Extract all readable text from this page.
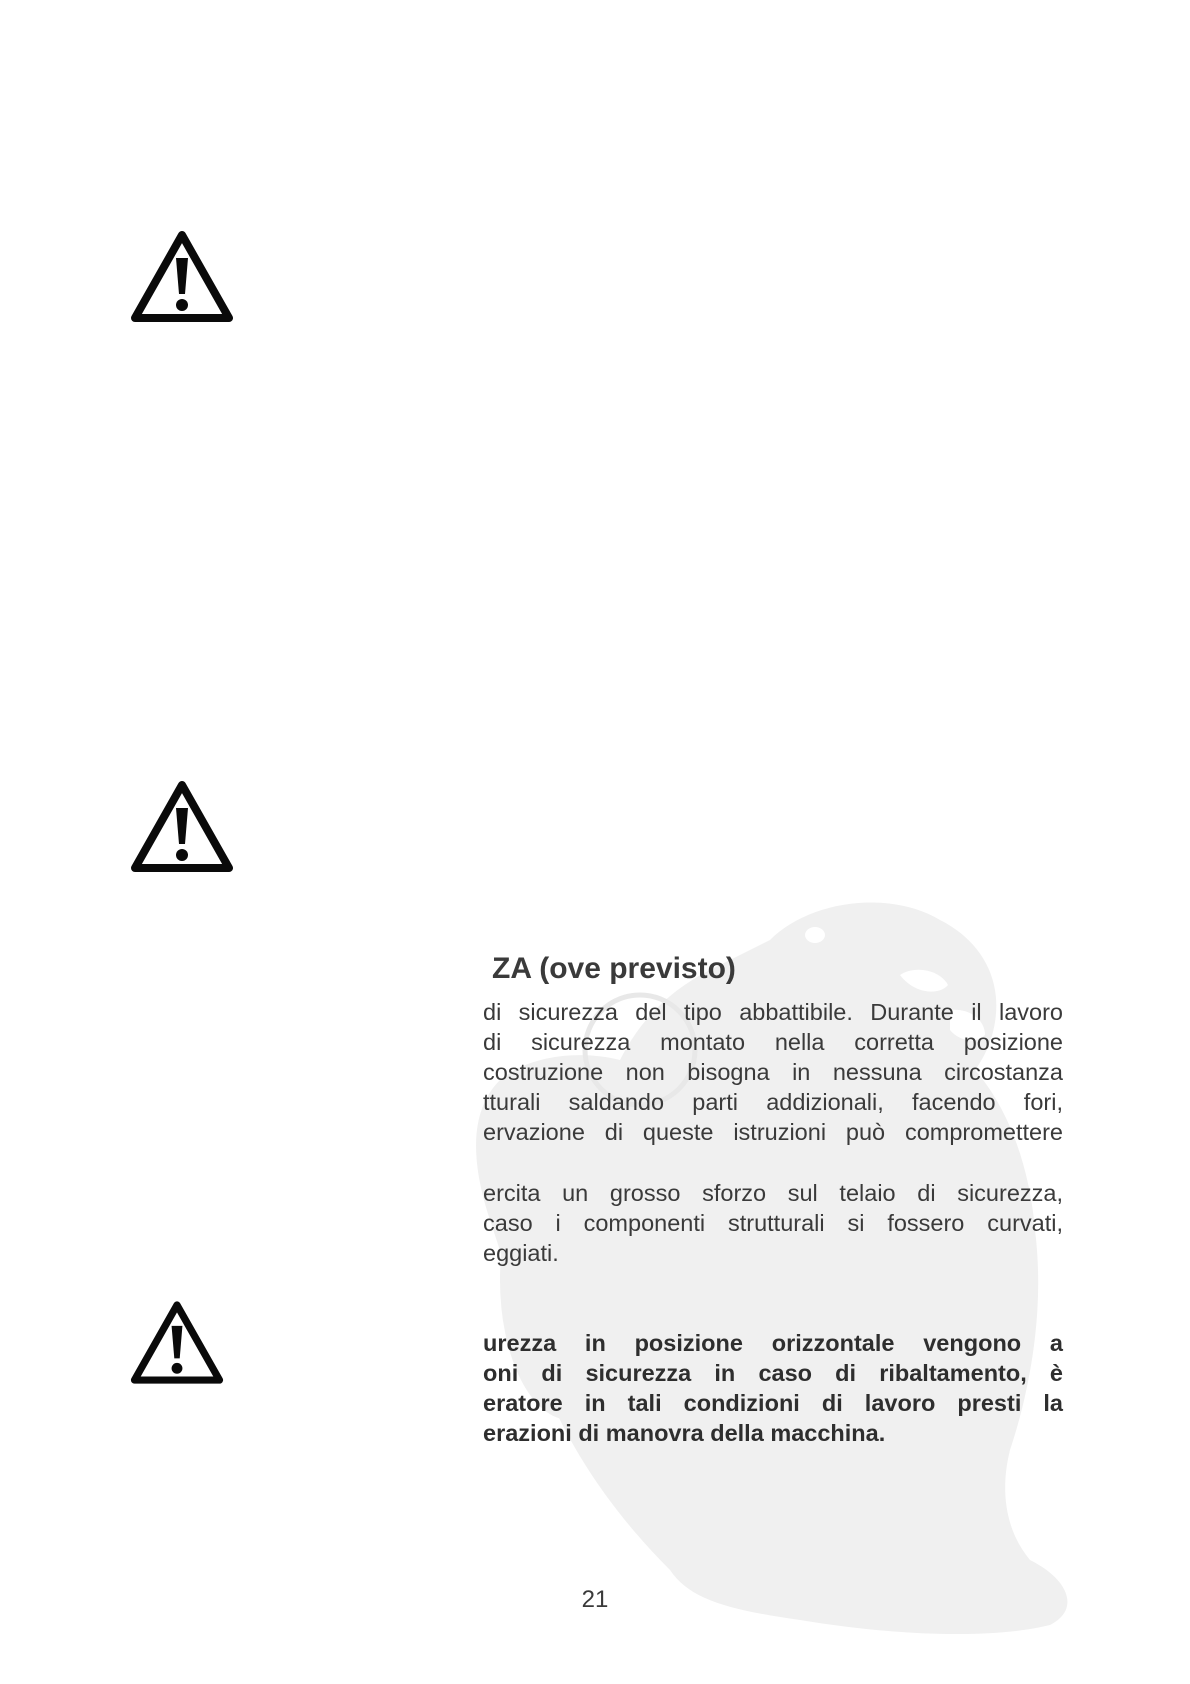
ZA (ove previsto)
di sicurezza del tipo abbattibile. Durante il lavoro
di sicurezza montato nella corretta posizione
costruzione non bisogna in nessuna circostanza
tturali saldando parti addizionali, facendo fori,
ervazione di queste istruzioni può compromettere
ercita un grosso sforzo sul telaio di sicurezza,
caso i componenti strutturali si fossero curvati,
eggiati.
urezza in posizione orizzontale vengono a
oni di sicurezza in caso di ribaltamento, è
eratore in tali condizioni di lavoro presti la
erazioni di manovra della macchina.
21
